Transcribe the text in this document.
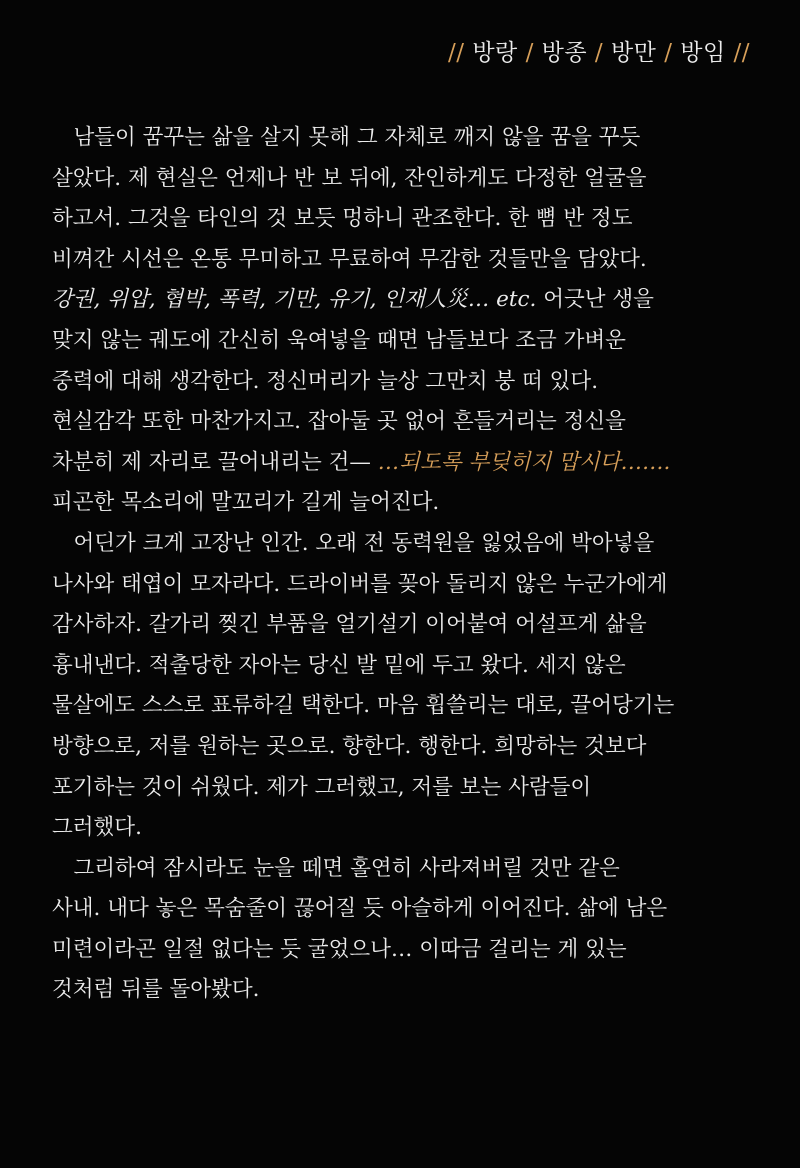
// 방랑 / 방종 / 방만 / 방임 //
　남들이 꿈꾸는 삶을 살지 못해 그 자체로 깨지 않을 꿈을 꾸듯
살았다. 제 현실은 언제나 반 보 뒤에, 잔인하게도 다정한 얼굴을
하고서. 그것을 타인의 것 보듯 멍하니 관조한다. 한 뼘 반 정도
비껴간 시선은 온통 무미하고 무료하여 무감한 것들만을 담았다.
강권, 위압, 협박, 폭력, 기만, 유기, 인재人災… etc. 어긋난 생을
맞지 않는 궤도에 간신히 욱여넣을 때면 남들보다 조금 가벼운
중력에 대해 생각한다. 정신머리가 늘상 그만치 붕 떠 있다.
현실감각 또한 마찬가지고. 잡아둘 곳 없어 흔들거리는 정신을
차분히 제 자리로 끌어내리는 건— …되도록 부딪히지 맙시다…….
피곤한 목소리에 말꼬리가 길게 늘어진다.
　어딘가 크게 고장난 인간. 오래 전 동력원을 잃었음에 박아넣을
나사와 태엽이 모자라다. 드라이버를 꽂아 돌리지 않은 누군가에게
감사하자. 갈가리 찢긴 부품을 얼기설기 이어붙여 어설프게 삶을
흉내낸다. 적출당한 자아는 당신 발 밑에 두고 왔다. 세지 않은
물살에도 스스로 표류하길 택한다. 마음 휩쓸리는 대로, 끌어당기는
방향으로, 저를 원하는 곳으로. 향한다. 행한다. 희망하는 것보다
포기하는 것이 쉬웠다. 제가 그러했고, 저를 보는 사람들이
그러했다.
　그리하여 잠시라도 눈을 떼면 홀연히 사라져버릴 것만 같은
사내. 내다 놓은 목숨줄이 끊어질 듯 아슬하게 이어진다. 삶에 남은
미련이라곤 일절 없다는 듯 굴었으나… 이따금 걸리는 게 있는
것처럼 뒤를 돌아봤다.
